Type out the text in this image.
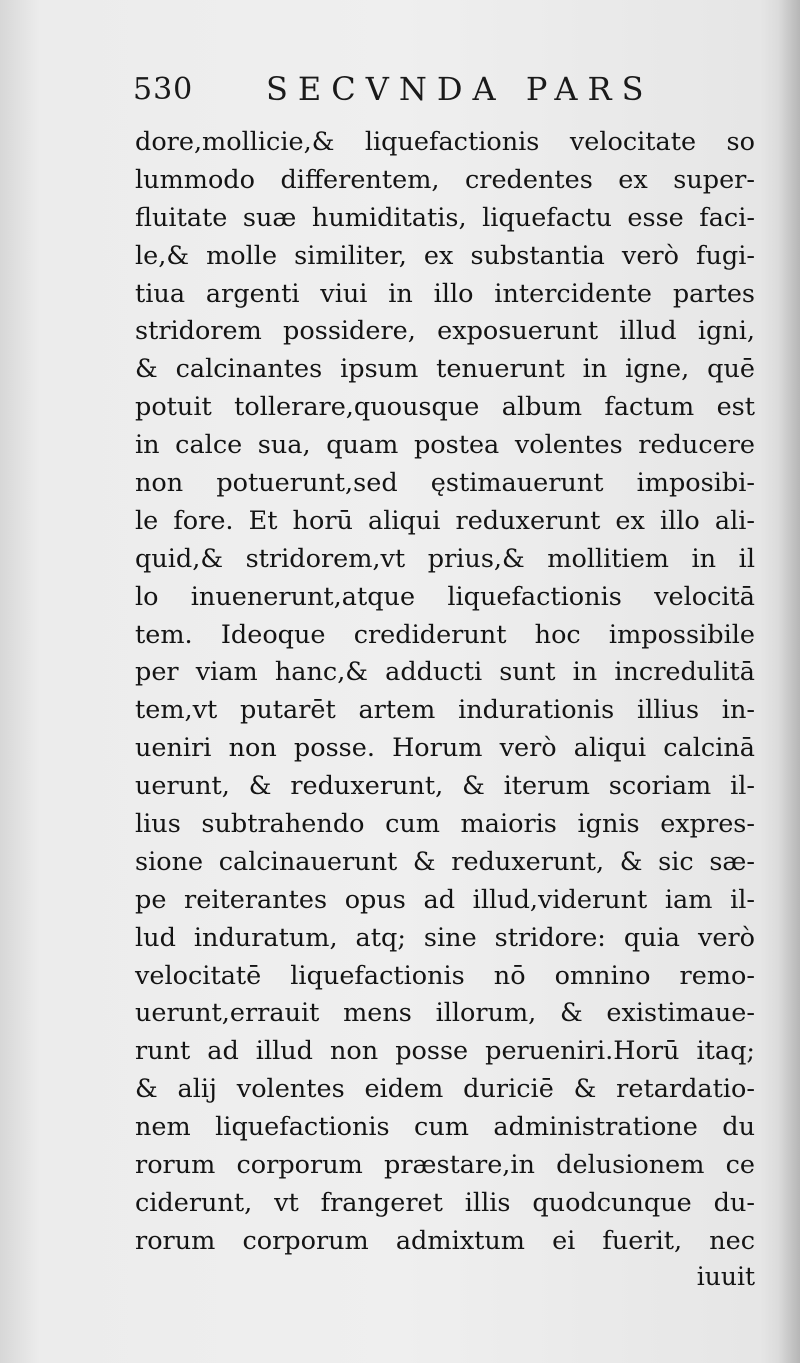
530 SECVNDA PARS
dore,mollicie,& liquefactionis velocitate so
lummodo differentem, credentes ex super-
fluitate suæ humiditatis, liquefactu esse faci-
le,& molle similiter, ex substantia verò fugi-
tiua argenti viui in illo intercidente partes
stridorem possidere, exposuerunt illud igni,
& calcinantes ipsum tenuerunt in igne, quē
potuit tollerare,quousque album factum est
in calce sua, quam postea volentes reducere
non potuerunt,sed ęstimauerunt imposibi-
le fore. Et horū aliqui reduxerunt ex illo ali-
quid,& stridorem,vt prius,& mollitiem in il
lo inuenerunt,atque liquefactionis velocitā
tem. Ideoque crediderunt hoc impossibile
per viam hanc,& adducti sunt in incredulitā
tem,vt putarēt artem indurationis illius in-
ueniri non posse. Horum verò aliqui calcinā
uerunt, & reduxerunt, & iterum scoriam il-
lius subtrahendo cum maioris ignis expres-
sione calcinauerunt & reduxerunt, & sic sæ-
pe reiterantes opus ad illud,viderunt iam il-
lud induratum, atq; sine stridore: quia verò
velocitatē liquefactionis nō omnino remo-
uerunt,errauit mens illorum, & existimaue-
runt ad illud non posse perueniri.Horū itaq;
& alij volentes eidem duriciē & retardatio-
nem liquefactionis cum administratione du
rorum corporum præstare,in delusionem ce
ciderunt, vt frangeret illis quodcunque du-
rorum corporum admixtum ei fuerit, nec
iuuit
